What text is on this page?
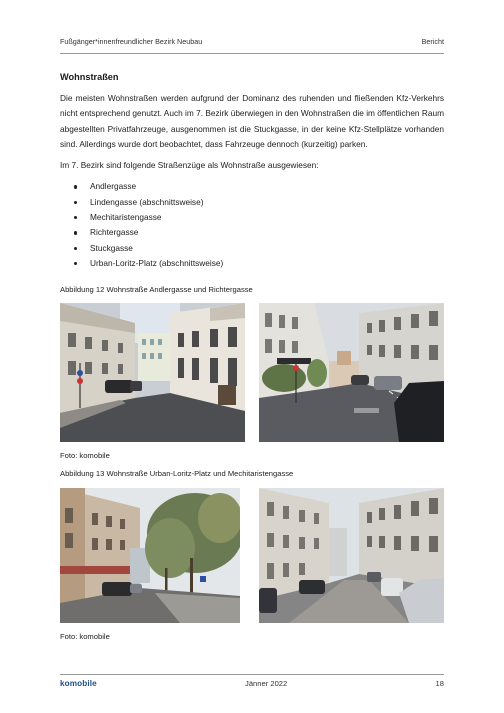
Fußgänger*innenfreundlicher Bezirk Neubau	Bericht
Wohnstraßen

Die meisten Wohnstraßen werden aufgrund der Dominanz des ruhenden und fließenden Kfz-Verkehrs nicht entsprechend genutzt. Auch im 7. Bezirk überwiegen in den Wohnstraßen die im öffentlichen Raum abgestellten Privatfahrzeuge, ausgenommen ist die Stuckgasse, in der keine Kfz-Stellplätze vorhanden sind. Allerdings wurde dort beobachtet, dass Fahrzeuge dennoch (kurzeitig) parken.

Im 7. Bezirk sind folgende Straßenzüge als Wohnstraße ausgewiesen:

Andlergasse
Lindengasse (abschnittsweise)
Mechitaristengasse
Richtergasse
Stuckgasse
Urban-Loritz-Platz (abschnittsweise)
Abbildung 12 Wohnstraße Andlergasse und Richtergasse
Foto: komobile
Abbildung 13 Wohnstraße Urban-Loritz-Platz und Mechitaristengasse
Foto: komobile
komobile	Jänner 2022	18
